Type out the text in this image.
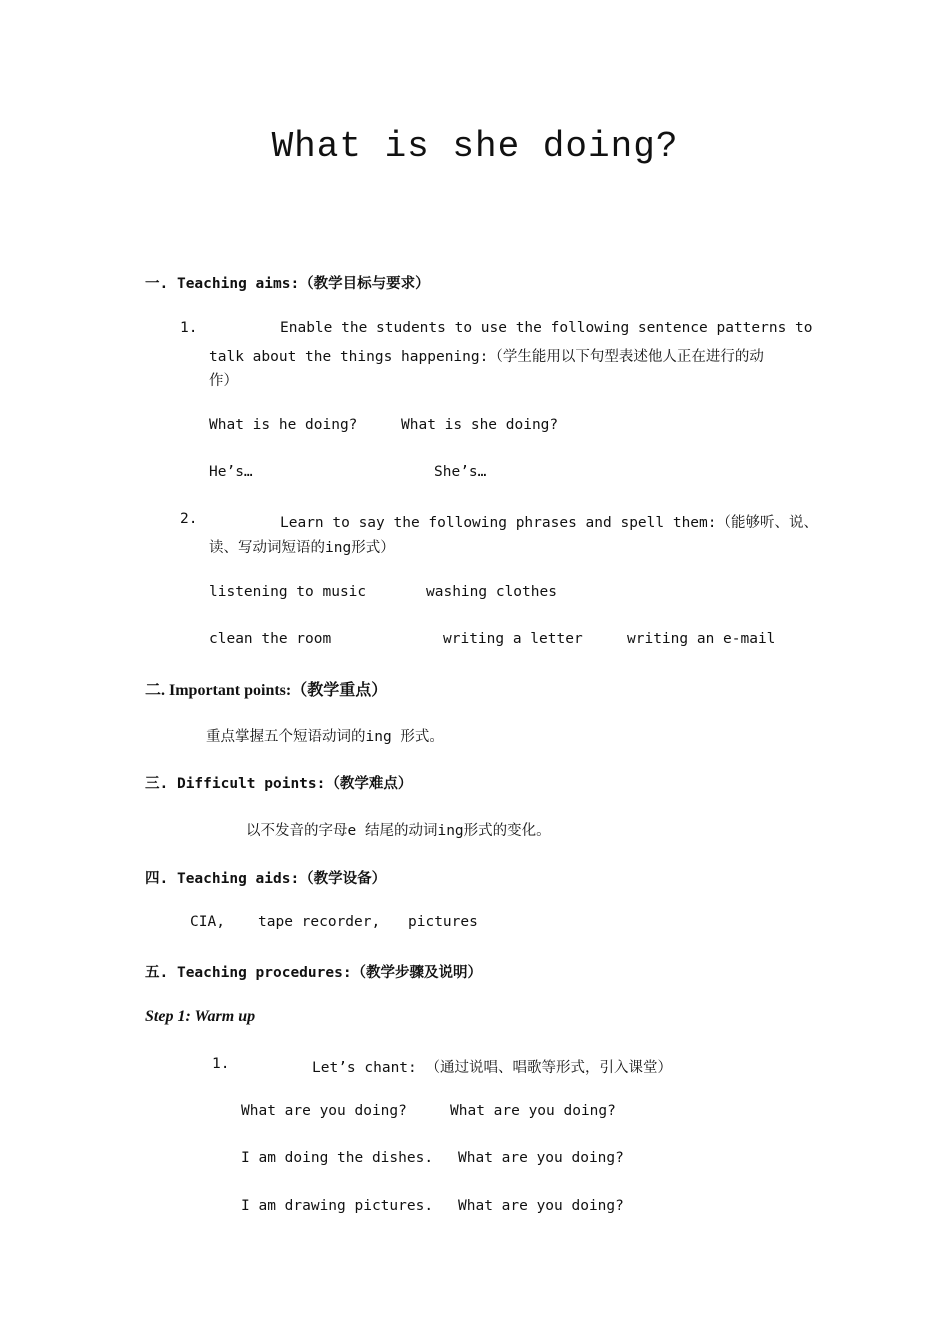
What is she doing?
一. Teaching aims:（教学目标与要求）
1.	Enable the students to use the following sentence patterns to
talk about the things happening:（学生能用以下句型表述他人正在进行的动
作）
What is he doing?	What is she doing?
He’s…	She’s…
2.	Learn to say the following phrases and spell them:（能够听、说、
读、写动词短语的ing形式）
listening to music	washing clothes
clean the room	writing a letter	writing an e-mail
二. Important points:（教学重点）
重点掌握五个短语动词的ing 形式。
三. Difficult points:（教学难点）
以不发音的字母e 结尾的动词ing形式的变化。
四. Teaching aids:（教学设备）
CIA, tape recorder, pictures
五. Teaching procedures:（教学步骤及说明）
Step 1: Warm up
1.	Let’s chant: （通过说唱、唱歌等形式，引入课堂）
What are you doing?	What are you doing?
I am doing the dishes. What are you doing?
I am drawing pictures. What are you doing?
